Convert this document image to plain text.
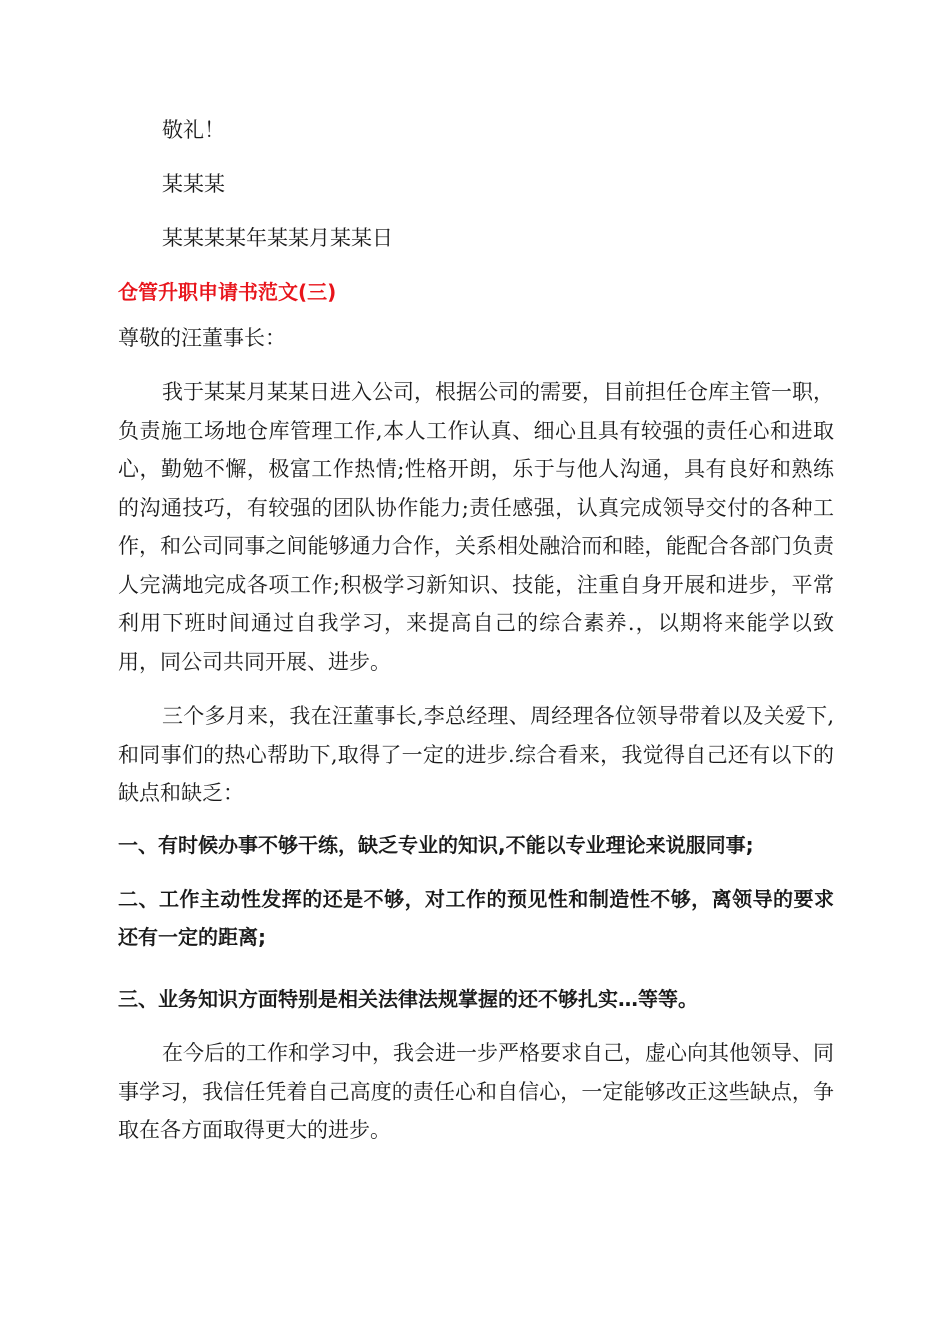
敬礼！

某某某

某某某某年某某月某某日

仓管升职申请书范文(三)

尊敬的汪董事长：

我于某某月某某日进入公司，根据公司的需要，目前担任仓库主管一职，负责施工场地仓库管理工作,本人工作认真、细心且具有较强的责任心和进取心，勤勉不懈，极富工作热情;性格开朗，乐于与他人沟通，具有良好和熟练的沟通技巧，有较强的团队协作能力;责任感强，认真完成领导交付的各种工作，和公司同事之间能够通力合作，关系相处融洽而和睦，能配合各部门负责人完满地完成各项工作;积极学习新知识、技能，注重自身开展和进步，平常利用下班时间通过自我学习，来提高自己的综合素养.，以期将来能学以致用，同公司共同开展、进步。

三个多月来，我在汪董事长,李总经理、周经理各位领导带着以及关爱下,和同事们的热心帮助下,取得了一定的进步.综合看来，我觉得自己还有以下的缺点和缺乏：

一、有时候办事不够干练，缺乏专业的知识,不能以专业理论来说服同事;

二、工作主动性发挥的还是不够，对工作的预见性和制造性不够，离领导的要求还有一定的距离;

三、业务知识方面特别是相关法律法规掌握的还不够扎实…等等。

在今后的工作和学习中，我会进一步严格要求自己，虚心向其他领导、同事学习，我信任凭着自己高度的责任心和自信心，一定能够改正这些缺点，争取在各方面取得更大的进步。
